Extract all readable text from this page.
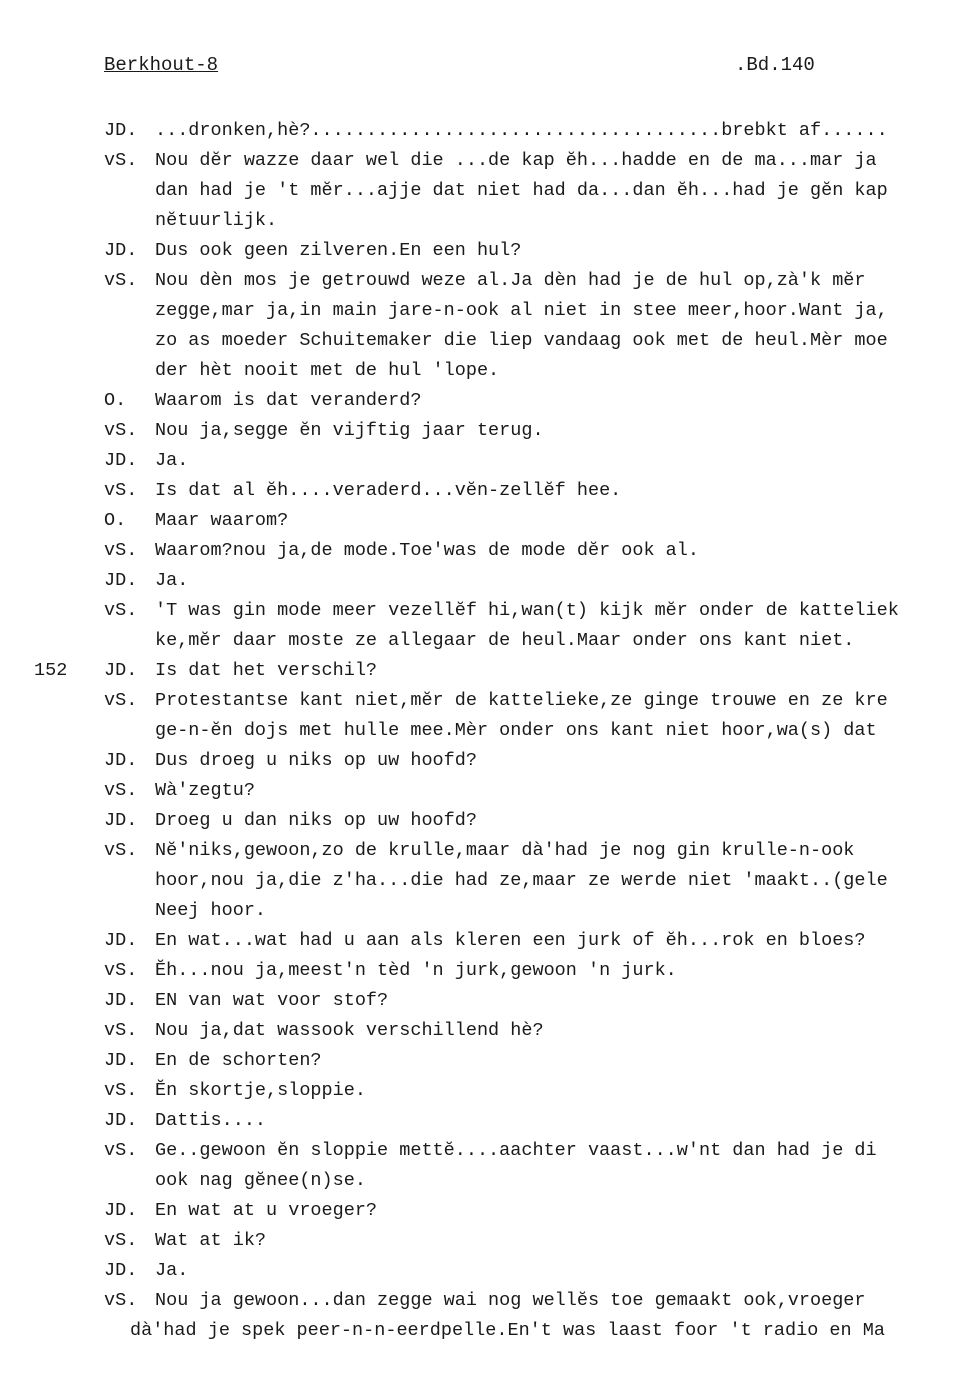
Berkhout-8	.Bd.140
JD. ...dronken,hè?.....................................brebkt af......
vS. Nou dĕr wazze daar wel die ...de kap ĕh...hadde en de ma...mar ja
dan had je 't mĕr...ajje dat niet had da...dan ĕh...had je gĕn kap
nĕtuurlijk.
JD. Dus ook geen zilveren.En een hul?
vS. Nou dèn mos je getrouwd weze al.Ja dèn had je de hul op,zà'k mĕr
zegge,mar ja,in main jare-n-ook al niet in stee meer,hoor.Want ja,
zo as moeder Schuitemaker die liep vandaag ook met de heul.Mèr moe
der hèt nooit met de hul 'lope.
O. Waarom is dat veranderd?
vS. Nou ja,segge ĕn vijftig jaar terug.
JD. Ja.
vS. Is dat al ĕh....veraderd...vĕn-zellĕf hee.
O. Maar waarom?
vS. Waarom?nou ja,de mode.Toe'was de mode dĕr ook al.
JD. Ja.
vS. 'T was gin mode meer vezellĕf hi,wan(t) kijk mĕr onder de katteliek
ke,mĕr daar moste ze allegaar de heul.Maar onder ons kant niet.
152 JD. Is dat het verschil?
vS. Protestantse kant niet,mĕr de katteliekе,ze ginge trouwe en ze kre
ge-n-ĕn dojs met hulle mee.Mèr onder ons kant niet hoor,wa(s) dat
JD. Dus droeg u niks op uw hoofd?
vS. Wà'zegtu?
JD. Droeg u dan niks op uw hoofd?
vS. Nĕ'niks,gewoon,zo de krulle,maar dà'had je nog gin krulle-n-ook
hoor,nou ja,die z'ha...die had ze,maar ze werde niet 'maakt..(gele
Neej hoor.
JD. En wat...wat had u aan als kleren een jurk of ĕh...rok en bloes?
vS. Ĕh...nou ja,meest'n tèd 'n jurk,gewoon 'n jurk.
JD. EN van wat voor stof?
vS. Nou ja,dat wassook verschillend hè?
JD. En de schorten?
vS. Ĕn skortje,sloppie.
JD. Dattis....
vS. Ge..gewoon ĕn sloppie mettĕ....aachter vaast...w'nt dan had je di
ook nag gĕnee(n)se.
JD. En wat at u vroeger?
vS. Wat at ik?
JD. Ja.
vS. Nou ja gewoon...dan zegge wai nog wellĕs toe gemaakt ook,vroeger
dà'had je spek peer-n-n-eerdpelle.En't was laast foor 't radio en Ma
